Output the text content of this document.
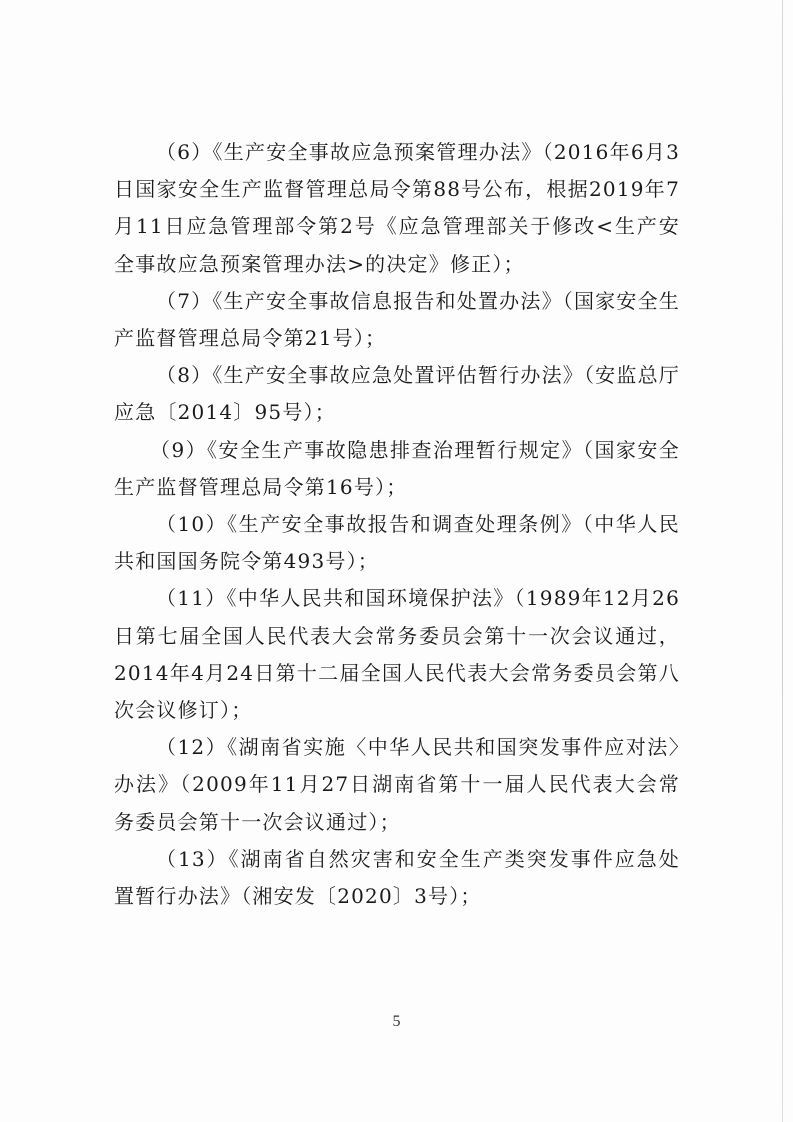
（6）《生产安全事故应急预案管理办法》（2016年6月3日国家安全生产监督管理总局令第88号公布，根据2019年7月11日应急管理部令第2号《应急管理部关于修改<生产安全事故应急预案管理办法>的决定》修正）；

（7）《生产安全事故信息报告和处置办法》（国家安全生产监督管理总局令第21号）；

（8）《生产安全事故应急处置评估暂行办法》（安监总厅应急〔2014〕95号）；

（9）《安全生产事故隐患排查治理暂行规定》（国家安全生产监督管理总局令第16号）；

（10）《生产安全事故报告和调查处理条例》（中华人民共和国国务院令第493号）；

（11）《中华人民共和国环境保护法》（1989年12月26日第七届全国人民代表大会常务委员会第十一次会议通过，2014年4月24日第十二届全国人民代表大会常务委员会第八次会议修订）；

（12）《湖南省实施〈中华人民共和国突发事件应对法〉办法》（2009年11月27日湖南省第十一届人民代表大会常务委员会第十一次会议通过）；

（13）《湖南省自然灾害和安全生产类突发事件应急处置暂行办法》（湘安发〔2020〕3号）；

5
